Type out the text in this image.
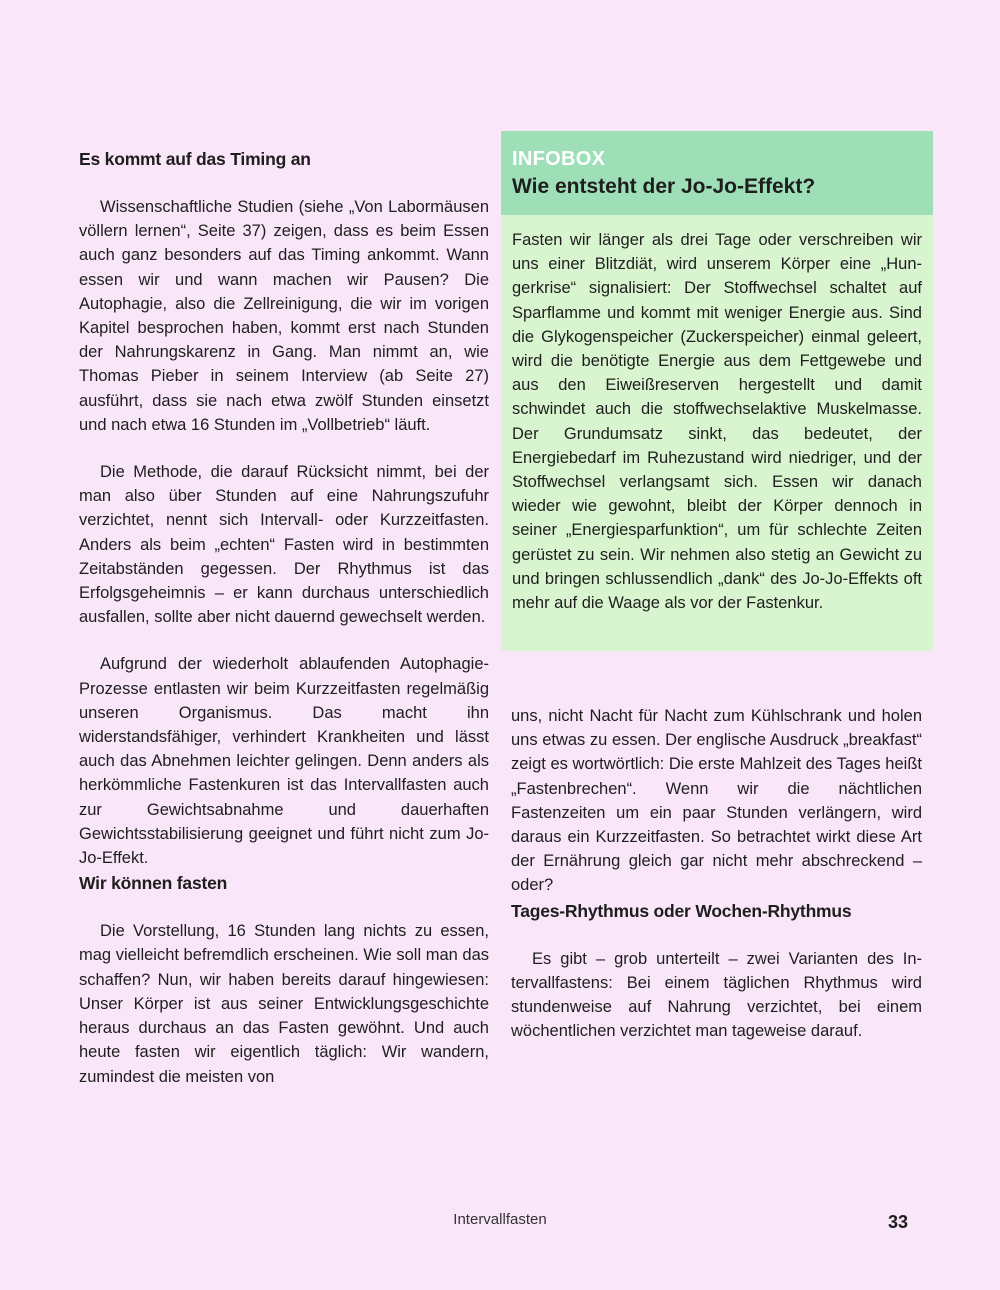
Es kommt auf das Timing an

Wissenschaftliche Studien (siehe „Von Labormäusen völlern lernen“, Seite 37) zeigen, dass es beim Essen auch ganz besonders auf das Timing ankommt. Wann essen wir und wann machen wir Pausen? Die Autophagie, also die Zellreinigung, die wir im vorigen Kapitel besprochen haben, kommt erst nach Stunden der Nahrungskarenz in Gang. Man nimmt an, wie Thomas Pieber in seinem Interview (ab Seite 27) ausführt, dass sie nach etwa zwölf Stunden einsetzt und nach etwa 16 Stunden im „Vollbetrieb“ läuft.

Die Methode, die darauf Rücksicht nimmt, bei der man also über Stunden auf eine Nahrungszufuhr verzichtet, nennt sich Intervall- oder Kurzzeitfasten. Anders als beim „echten“ Fasten wird in bestimmten Zeitabständen gegessen. Der Rhythmus ist das Erfolgsgeheimnis – er kann durchaus unterschiedlich ausfallen, sollte aber nicht dauernd gewechselt werden.

Aufgrund der wiederholt ablaufenden Autophagie-Prozesse entlasten wir beim Kurzzeitfasten regelmäßig unseren Organismus. Das macht ihn widerstandsfähiger, verhindert Krankheiten und lässt auch das Abnehmen leichter gelingen. Denn anders als herkömmliche Fastenkuren ist das Intervallfasten auch zur Gewichtsabnahme und dauerhaften Gewichtsstabilisierung geeignet und führt nicht zum Jo-Jo-Effekt.

Wir können fasten

Die Vorstellung, 16 Stunden lang nichts zu essen, mag vielleicht befremdlich erscheinen. Wie soll man das schaffen? Nun, wir haben bereits darauf hingewiesen: Unser Körper ist aus seiner Entwicklungsgeschichte heraus durchaus an das Fasten gewöhnt. Und auch heute fasten wir eigentlich täglich: Wir wandern, zumindest die meisten von

INFOBOX
Wie entsteht der Jo-Jo-Effekt?

Fasten wir länger als drei Tage oder verschreiben wir uns einer Blitzdiät, wird unserem Körper eine „Hungerkrise“ signalisiert: Der Stoffwechsel schaltet auf Sparflamme und kommt mit weniger Energie aus. Sind die Glykogenspeicher (Zuckerspeicher) einmal geleert, wird die benötigte Energie aus dem Fettgewebe und aus den Eiweißreserven hergestellt und damit schwindet auch die stoffwechselaktive Muskelmasse. Der Grundumsatz sinkt, das bedeutet, der Energiebedarf im Ruhezustand wird niedriger, und der Stoffwechsel verlangsamt sich. Essen wir danach wieder wie gewohnt, bleibt der Körper dennoch in seiner „Energiesparfunktion“, um für schlechte Zeiten gerüstet zu sein. Wir nehmen also stetig an Gewicht zu und bringen schlussendlich „dank“ des Jo-Jo-Effekts oft mehr auf die Waage als vor der Fastenkur.

uns, nicht Nacht für Nacht zum Kühlschrank und holen uns etwas zu essen. Der englische Ausdruck „breakfast“ zeigt es wortwörtlich: Die erste Mahlzeit des Tages heißt „Fastenbrechen“. Wenn wir die nächtlichen Fastenzeiten um ein paar Stunden verlängern, wird daraus ein Kurzzeitfasten. So betrachtet wirkt diese Art der Ernährung gleich gar nicht mehr abschreckend – oder?

Tages-Rhythmus oder Wochen-Rhythmus

Es gibt – grob unterteilt – zwei Varianten des Intervallfastens: Bei einem täglichen Rhythmus wird stundenweise auf Nahrung verzichtet, bei einem wöchentlichen verzichtet man tageweise darauf.

Intervallfasten	33
